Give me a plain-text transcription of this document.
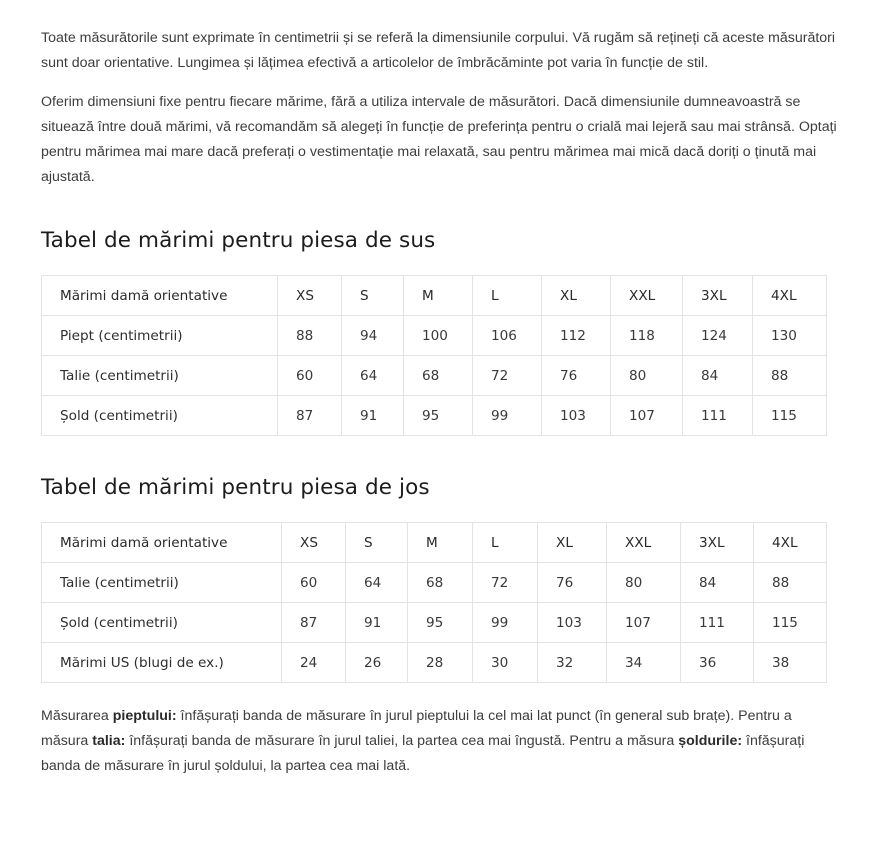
Toate măsurătorile sunt exprimate în centimetrii și se referă la dimensiunile corpului. Vă rugăm să rețineți că aceste măsurători sunt doar orientative. Lungimea și lățimea efectivă a articolelor de îmbrăcăminte pot varia în funcție de stil.

Oferim dimensiuni fixe pentru fiecare mărime, fără a utiliza intervale de măsurători. Dacă dimensiunile dumneavoastră se situează între două mărimi, vă recomandăm să alegeți în funcție de preferința pentru o crială mai lejeră sau mai strânsă. Optați pentru mărimea mai mare dacă preferați o vestimentație mai relaxată, sau pentru mărimea mai mică dacă doriți o ținută mai ajustată.

Tabel de mărimi pentru piesa de sus
Mărimi damă orientative	XS	S	M	L	XL	XXL	3XL	4XL
Piept (centimetrii)	88	94	100	106	112	118	124	130
Talie (centimetrii)	60	64	68	72	76	80	84	88
Șold (centimetrii)	87	91	95	99	103	107	111	115
Tabel de mărimi pentru piesa de jos
Mărimi damă orientative	XS	S	M	L	XL	XXL	3XL	4XL
Talie (centimetrii)	60	64	68	72	76	80	84	88
Șold (centimetrii)	87	91	95	99	103	107	111	115
Mărimi US (blugi de ex.)	24	26	28	30	32	34	36	38

Măsurarea pieptului: înfășurați banda de măsurare în jurul pieptului la cel mai lat punct (în general sub brațe). Pentru a măsura talia: înfășurați banda de măsurare în jurul taliei, la partea cea mai îngustă. Pentru a măsura șoldurile: înfășurați banda de măsurare în jurul șoldului, la partea cea mai lată.
